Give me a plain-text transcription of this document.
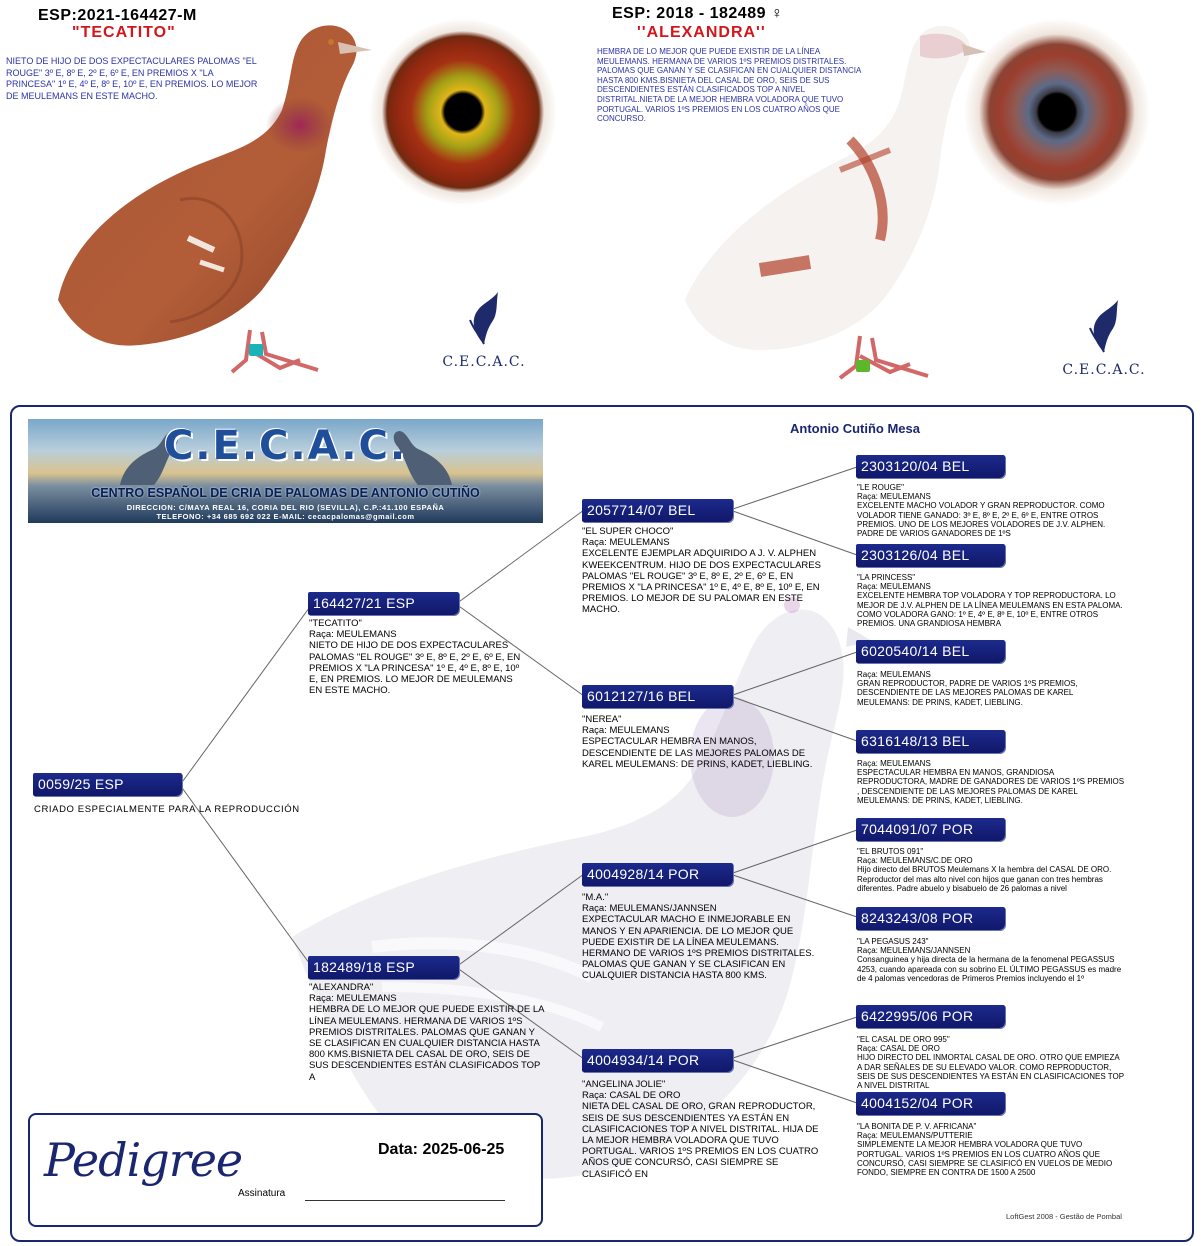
ESP:2021-164427-M
"TECATITO"
NIETO DE HIJO DE DOS EXPECTACULARES PALOMAS "EL ROUGE" 3º E, 8º E, 2º E, 6º E, EN PREMIOS X "LA PRINCESA" 1º E, 4º E, 8º E, 10º E, EN PREMIOS. LO MEJOR DE MEULEMANS EN ESTE MACHO.
C.E.C.A.C.
ESP: 2018 - 182489 ♀
''ALEXANDRA''
HEMBRA DE LO MEJOR QUE PUEDE EXISTIR DE LA LÍNEA MEULEMANS. HERMANA DE VARIOS 1ºS PREMIOS DISTRITALES. PALOMAS QUE GANAN Y SE CLASIFICAN EN CUALQUIER DISTANCIA HASTA 800 KMS.BISNIETA DEL CASAL DE ORO, SEIS DE SUS DESCENDIENTES ESTÁN CLASIFICADOS TOP A NIVEL DISTRITAL.NIETA DE LA MEJOR HEMBRA VOLADORA QUE TUVO PORTUGAL. VARIOS 1ºS PREMIOS EN LOS CUATRO AÑOS QUE CONCURSO.
C.E.C.A.C.
C.E.C.A.C.
CENTRO ESPAÑOL DE CRIA DE PALOMAS DE ANTONIO CUTIÑO
DIRECCION: C/MAYA REAL 16, CORIA DEL RIO (SEVILLA), C.P.:41.100 ESPAÑA
TELEFONO: +34 685 692 022 E-MAIL: cecacpalomas@gmail.com
Antonio Cutiño Mesa
0059/25 ESP
CRIADO ESPECIALMENTE PARA LA REPRODUCCIÓN
164427/21 ESP
"TECATITO"
Raça: MEULEMANS
NIETO DE HIJO DE DOS EXPECTACULARES PALOMAS "EL ROUGE" 3º E, 8º E, 2º E, 6º E, EN PREMIOS X "LA PRINCESA" 1º E, 4º E, 8º E, 10º E, EN PREMIOS. LO MEJOR DE MEULEMANS EN ESTE MACHO.
182489/18 ESP
"ALEXANDRA"
Raça: MEULEMANS
HEMBRA DE LO MEJOR QUE PUEDE EXISTIR DE LA LÍNEA MEULEMANS. HERMANA DE VARIOS 1ºS PREMIOS DISTRITALES. PALOMAS QUE GANAN Y SE CLASIFICAN EN CUALQUIER DISTANCIA HASTA 800 KMS.BISNIETA DEL CASAL DE ORO, SEIS DE SUS DESCENDIENTES ESTÁN CLASIFICADOS TOP A
2057714/07 BEL
"EL SUPER CHOCO"
Raça: MEULEMANS
EXCELENTE EJEMPLAR ADQUIRIDO A J. V. ALPHEN KWEEKCENTRUM. HIJO DE DOS EXPECTACULARES PALOMAS "EL ROUGE" 3º E, 8º E, 2º E, 6º E, EN PREMIOS X "LA PRINCESA" 1º E, 4º E, 8º E, 10º E, EN PREMIOS. LO MEJOR DE SU PALOMAR EN ESTE MACHO.
6012127/16 BEL
"NEREA"
Raça: MEULEMANS
ESPECTACULAR HEMBRA EN MANOS, DESCENDIENTE DE LAS MEJORES PALOMAS DE KAREL MEULEMANS: DE PRINS, KADET, LIEBLING.
4004928/14 POR
"M.A."
Raça: MEULEMANS/JANNSEN
EXPECTACULAR MACHO E INMEJORABLE EN MANOS Y EN APARIENCIA. DE LO MEJOR QUE PUEDE EXISTIR DE LA LÍNEA MEULEMANS. HERMANO DE VARIOS 1ºS PREMIOS DISTRITALES. PALOMAS QUE GANAN Y SE CLASIFICAN EN CUALQUIER DISTANCIA HASTA 800 KMS.
4004934/14 POR
"ANGELINA JOLIE"
Raça: CASAL DE ORO
NIETA DEL CASAL DE ORO, GRAN REPRODUCTOR, SEIS DE SUS DESCENDIENTES YA ESTÁN EN CLASIFICACIONES TOP A NIVEL DISTRITAL. HIJA DE LA MEJOR HEMBRA VOLADORA QUE TUVO PORTUGAL. VARIOS 1ºS PREMIOS EN LOS CUATRO AÑOS QUE CONCURSÓ, CASI SIEMPRE SE CLASIFICÓ EN
2303120/04 BEL
"LE ROUGE"
Raça: MEULEMANS
EXCELENTE MACHO VOLADOR Y GRAN REPRODUCTOR. COMO VOLADOR TIENE GANADO: 3º E, 8º E, 2º E, 6º E, ENTRE OTROS PREMIOS. UNO DE LOS MEJORES VOLADORES DE J.V. ALPHEN. PADRE DE VARIOS GANADORES DE 1ºS
2303126/04 BEL
"LA PRINCESS"
Raça: MEULEMANS
EXCELENTE HEMBRA TOP VOLADORA Y TOP REPRODUCTORA. LO MEJOR DE J.V. ALPHEN DE LA LÍNEA MEULEMANS EN ESTA PALOMA. COMO VOLADORA GANO: 1º E, 4º E, 8º E, 10º E, ENTRE OTROS PREMIOS. UNA GRANDIOSA HEMBRA
6020540/14 BEL
Raça: MEULEMANS
GRAN REPRODUCTOR, PADRE DE VARIOS 1ºS PREMIOS, DESCENDIENTE DE LAS MEJORES PALOMAS DE KAREL MEULEMANS: DE PRINS, KADET, LIEBLING.
6316148/13 BEL
Raça: MEULEMANS
ESPECTACULAR HEMBRA EN MANOS, GRANDIOSA REPRODUCTORA, MADRE DE GANADORES DE VARIOS 1ºS PREMIOS , DESCENDIENTE DE LAS MEJORES PALOMAS DE KAREL MEULEMANS: DE PRINS, KADET, LIEBLING.
7044091/07 POR
"EL BRUTOS 091"
Raça: MEULEMANS/C.DE ORO
Hijo directo del BRUTOS Meulemans X la hembra del CASAL DE ORO. Reproductor del mas alto nivel con hijos que ganan con tres hembras diferentes. Padre abuelo y bisabuelo de 26 palomas a nivel
8243243/08 POR
"LA PEGASUS 243"
Raça: MEULEMANS/JANNSEN
Consanguinea y hija directa de la hermana de la fenomenal PEGASSUS 4253, cuando apareada con su sobrino EL ÚLTIMO PEGASSUS es madre de 4 palomas vencedoras de Primeros Premios incluyendo el 1º
6422995/06 POR
"EL CASAL DE ORO 995"
Raça: CASAL DE ORO
HIJO DIRECTO DEL INMORTAL CASAL DE ORO. OTRO QUE EMPIEZA A DAR SEÑALES DE SU ELEVADO VALOR. COMO REPRODUCTOR, SEIS DE SUS DESCENDIENTES YA ESTÁN EN CLASIFICACIONES TOP A NIVEL DISTRITAL
4004152/04 POR
"LA BONITA DE P. V. AFRICANA"
Raça: MEULEMANS/PUTTERIE
SIMPLEMENTE LA MEJOR HEMBRA VOLADORA QUE TUVO PORTUGAL. VARIOS 1ºS PREMIOS EN LOS CUATRO AÑOS QUE CONCURSÓ, CASI SIEMPRE SE CLASIFICÓ EN VUELOS DE MEDIO FONDO, SIEMPRE EN CONTRA DE 1500 A 2500
Pedigree	Data: 2025-06-25
Assinatura
LoftGest 2008 - Gestão de Pombal
